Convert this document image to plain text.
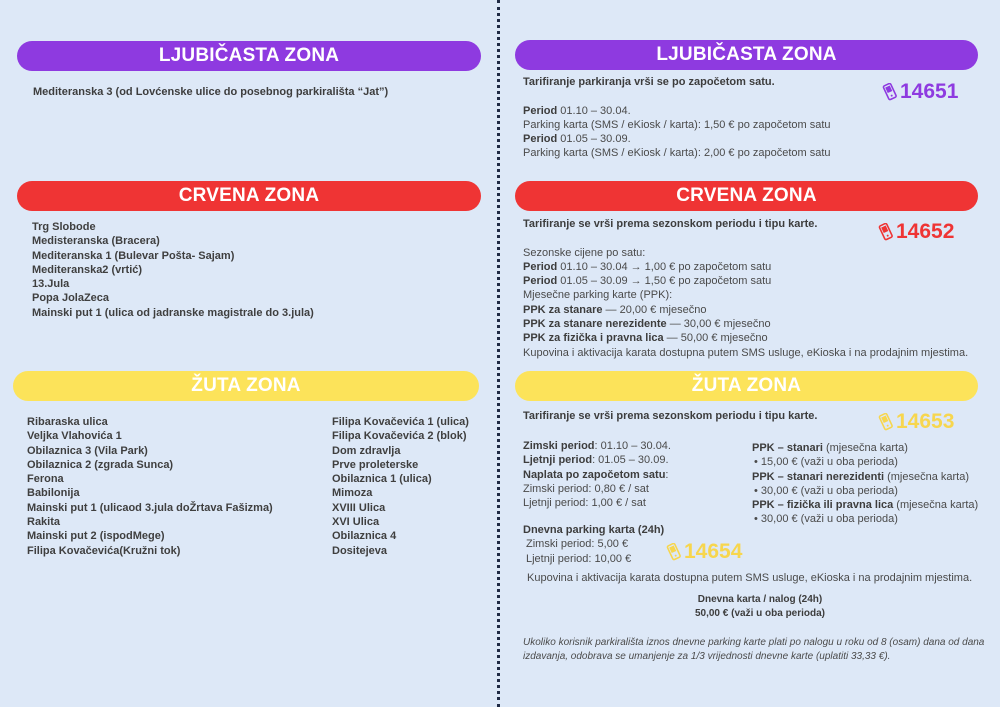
LJUBIČASTA ZONA
Mediteranska 3 (od Lovćenske ulice do posebnog parkirališta “Jat”)
CRVENA ZONA
Trg Slobode
Medisteranska (Bracera)
Mediteranska 1 (Bulevar Pošta- Sajam)
Mediteranska2 (vrtić)
13.Jula
Popa JolaZeca
Mainski put 1 (ulica od jadranske magistrale do 3.jula)
ŽUTA ZONA
Ribaraska ulica
Veljka Vlahovića 1
Obilaznica 3 (Vila Park)
Obilaznica 2 (zgrada Sunca)
Ferona
Babilonija
Mainski put 1 (ulicaod 3.jula doŽrtava Fašizma)
Rakita
Mainski put 2 (ispodMege)
Filipa Kovačevića(Kružni tok)
Filipa Kovačevića 1 (ulica)
Filipa Kovačevića 2 (blok)
Dom zdravlja
Prve proleterske
Obilaznica 1 (ulica)
Mimoza
XVIII Ulica
XVI Ulica
Obilaznica 4
Dositejeva
LJUBIČASTA ZONA
14651
Tarifiranje parkiranja vrši se po započetom satu.
Period 01.10 – 30.04.
Parking karta (SMS / eKiosk / karta): 1,50 € po započetom satu
Period 01.05 – 30.09.
Parking karta (SMS / eKiosk / karta): 2,00 € po započetom satu
CRVENA ZONA
14652
Tarifiranje se vrši prema sezonskom periodu i tipu karte.
Sezonske cijene po satu:
Period 01.10 – 30.04 → 1,00 € po započetom satu
Period 01.05 – 30.09 → 1,50 € po započetom satu
Mjesečne parking karte (PPK):
PPK za stanare — 20,00 € mjesečno
PPK za stanare nerezidente — 30,00 € mjesečno
PPK za fizička i pravna lica — 50,00 € mjesečno
Kupovina i aktivacija karata dostupna putem SMS usluge, eKioska i na prodajnim mjestima.
ŽUTA ZONA
14653
Tarifiranje se vrši prema sezonskom periodu i tipu karte.
Zimski period: 01.10 – 30.04.
Ljetnji period: 01.05 – 30.09.
Naplata po započetom satu:
Zimski period: 0,80 € / sat
Ljetnji period: 1,00 € / sat
PPK – stanari (mjesečna karta)
• 15,00 € (važi u oba perioda)
PPK – stanari nerezidenti (mjesečna karta)
• 30,00 € (važi u oba perioda)
PPK – fizička ili pravna lica (mjesečna karta)
• 30,00 € (važi u oba perioda)
Dnevna parking karta (24h)
Zimski period: 5,00 €
Ljetnji period: 10,00 €	14654
Kupovina i aktivacija karata dostupna putem SMS usluge, eKioska i na prodajnim mjestima.
Dnevna karta / nalog (24h)
50,00 € (važi u oba perioda)
Ukoliko korisnik parkirališta iznos dnevne parking karte plati po nalogu u roku od 8 (osam) dana od dana izdavanja, odobrava se umanjenje za 1/3 vrijednosti dnevne karte (uplatiti 33,33 €).
